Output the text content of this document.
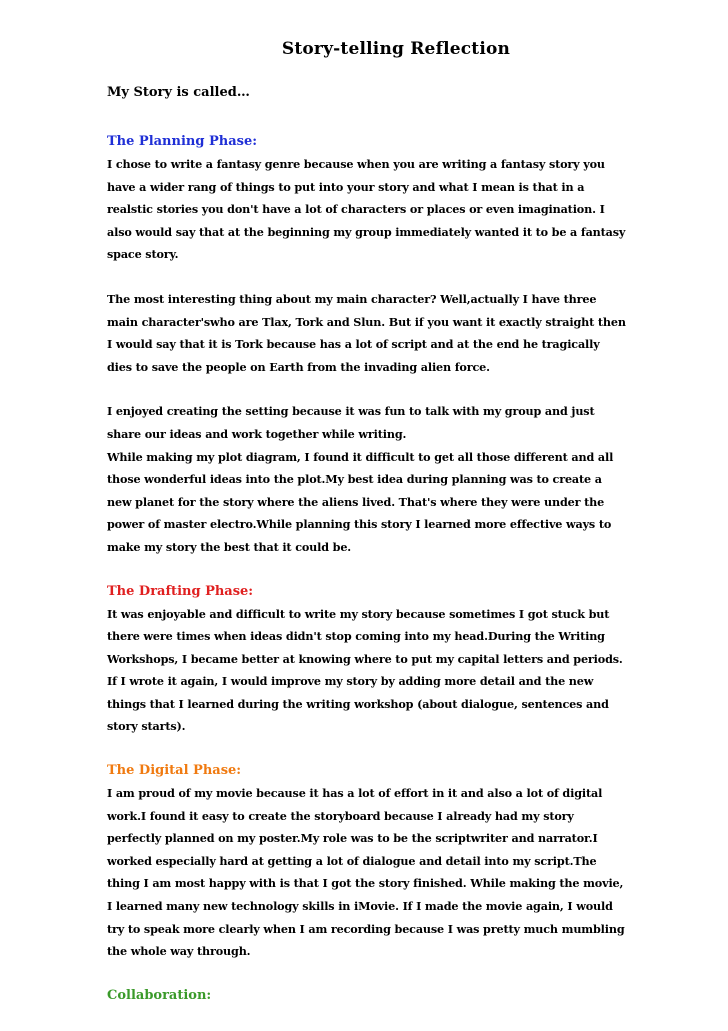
Story-telling Reflection
My Story is called…
The Planning Phase:

I chose to write a fantasy genre because when you are writing a fantasy story you have a wider rang of things to put into your story and what I mean is that in a realstic stories you don't have a lot of characters or places or even imagination. I also would say that at the beginning my group immediately wanted it to be a fantasy space story.

The most interesting thing about my main character? Well,actually I have three main character'swho are Tlax, Tork and Slun. But if you want it exactly straight then I would say that it is Tork because has a lot of script and at the end he tragically dies to save the people on Earth from the invading alien force.

I enjoyed creating the setting because it was fun to talk with my group and just share our ideas and work together while writing.

While making my plot diagram, I found it difficult to get all those different and all those wonderful ideas into the plot.My best idea during planning was to create a new planet for the story where the aliens lived. That's where they were under the power of master electro.While planning this story I learned more effective ways to make my story the best that it could be.

The Drafting Phase:

It was enjoyable and difficult to write my story because sometimes I got stuck but there were times when ideas didn't stop coming into my head.During the Writing Workshops, I became better at knowing where to put my capital letters and periods. If I wrote it again, I would improve my story by adding more detail and the new things that I learned during the writing workshop (about dialogue, sentences and story starts).

The Digital Phase:

I am proud of my movie because it has a lot of effort in it and also a lot of digital work.I found it easy to create the storyboard because I already had my story perfectly planned on my poster.My role was to be the scriptwriter and narrator.I worked especially hard at getting a lot of dialogue and detail into my script.The thing I am most happy with is that I got the story finished. While making the movie, I learned many new technology skills in iMovie. If I made the movie again, I would try to speak more clearly when I am recording because I was pretty much mumbling the whole way through.

Collaboration:
